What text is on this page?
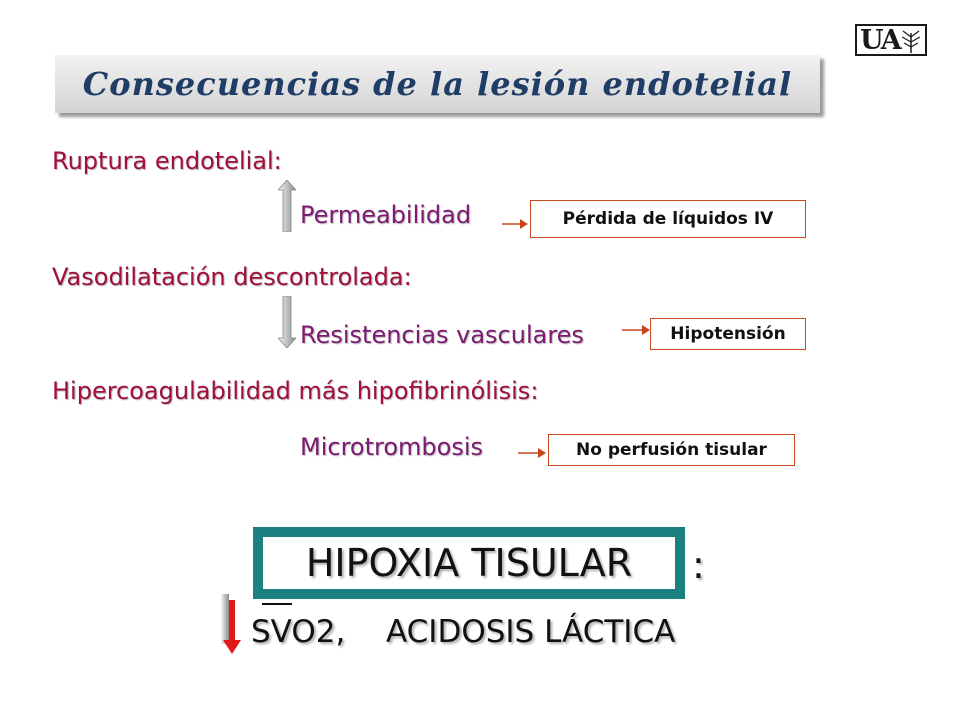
UA
Consecuencias de la lesión endotelial
Ruptura endotelial:
Permeabilidad	Pérdida de líquidos IV
Vasodilatación descontrolada:
Resistencias vasculares	Hipotensión
Hipercoagulabilidad más hipofibrinólisis:
Microtrombosis	No perfusión tisular
HIPOXIA TISULAR :
SVO2, ACIDOSIS LÁCTICA
